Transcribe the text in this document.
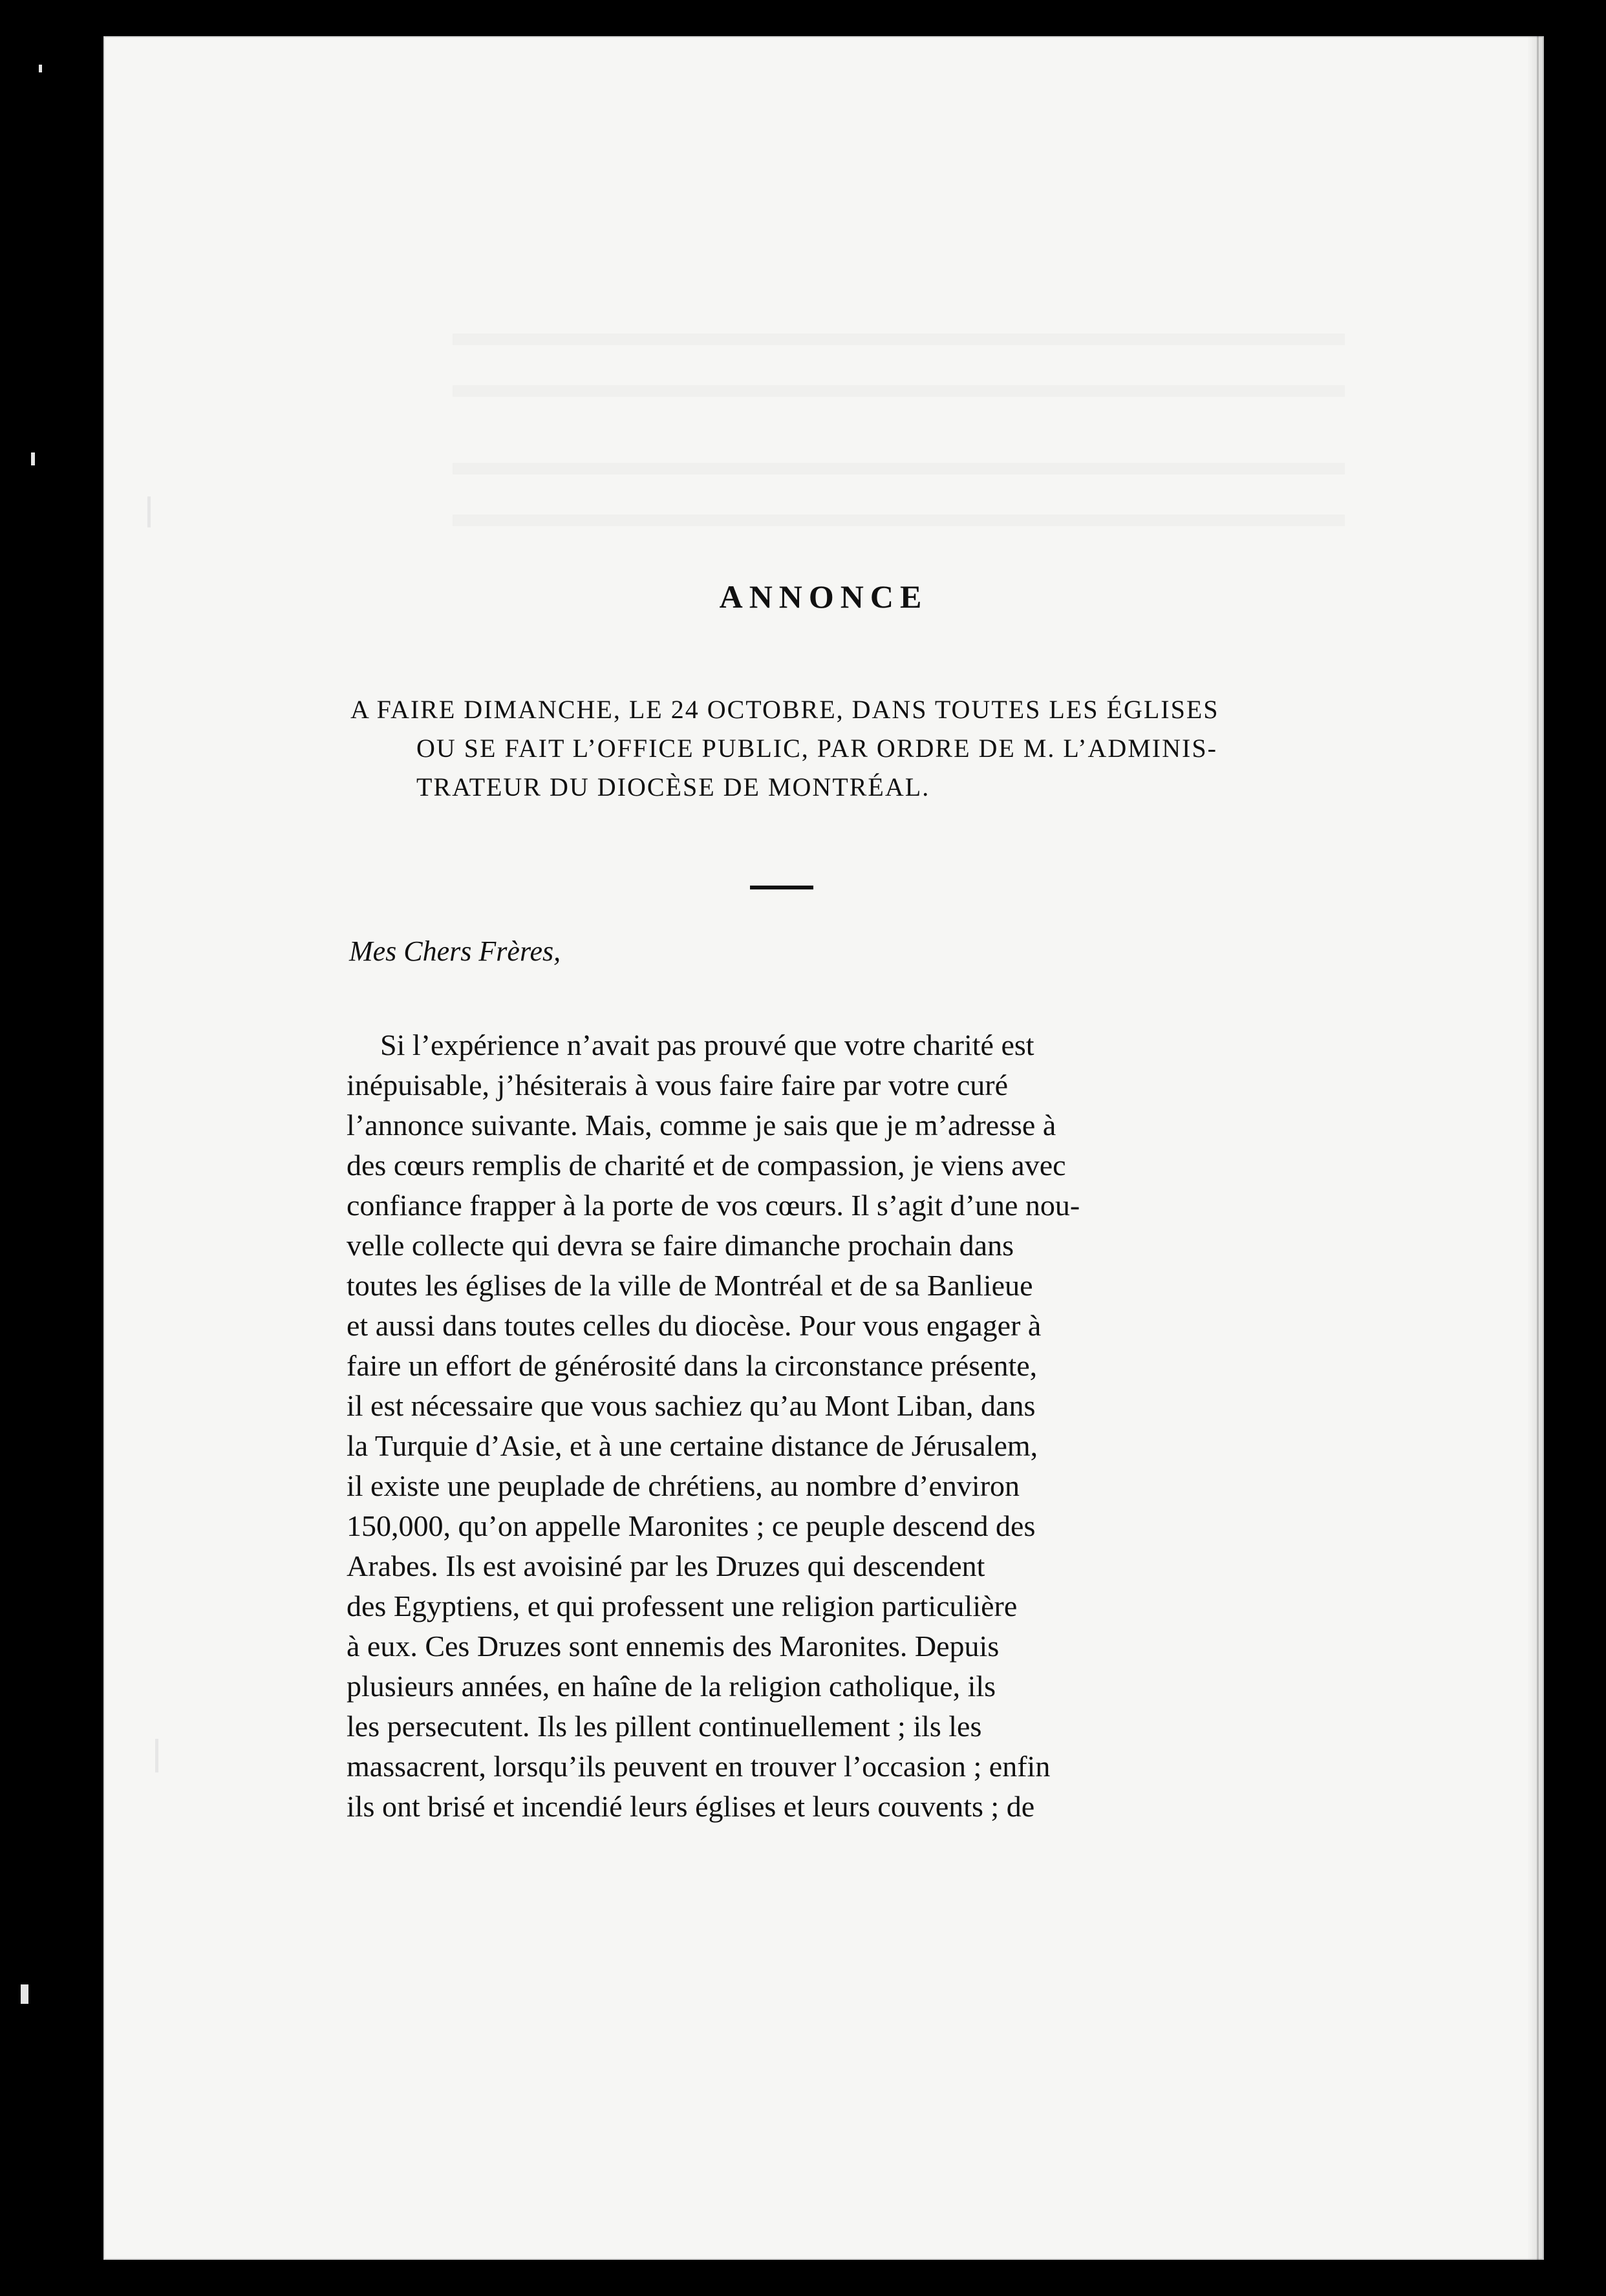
ANNONCE
A FAIRE DIMANCHE, LE 24 OCTOBRE, DANS TOUTES LES ÉGLISES
OU SE FAIT L’OFFICE PUBLIC, PAR ORDRE DE M. L’ADMINIS-
TRATEUR DU DIOCÈSE DE MONTRÉAL.

Mes Chers Frères,

Si l’expérience n’avait pas prouvé que votre charité est
inépuisable, j’hésiterais à vous faire faire par votre curé
l’annonce suivante. Mais, comme je sais que je m’adresse à
des cœurs remplis de charité et de compassion, je viens avec
confiance frapper à la porte de vos cœurs. Il s’agit d’une nou-
velle collecte qui devra se faire dimanche prochain dans
toutes les églises de la ville de Montréal et de sa Banlieue
et aussi dans toutes celles du diocèse. Pour vous engager à
faire un effort de générosité dans la circonstance présente,
il est nécessaire que vous sachiez qu’au Mont Liban, dans
la Turquie d’Asie, et à une certaine distance de Jérusalem,
il existe une peuplade de chrétiens, au nombre d’environ
150,000, qu’on appelle Maronites ; ce peuple descend des
Arabes. Ils est avoisiné par les Druzes qui descendent
des Egyptiens, et qui professent une religion particulière
à eux. Ces Druzes sont ennemis des Maronites. Depuis
plusieurs années, en haîne de la religion catholique, ils
les persecutent. Ils les pillent continuellement ; ils les
massacrent, lorsqu’ils peuvent en trouver l’occasion ; enfin
ils ont brisé et incendié leurs églises et leurs couvents ; de
